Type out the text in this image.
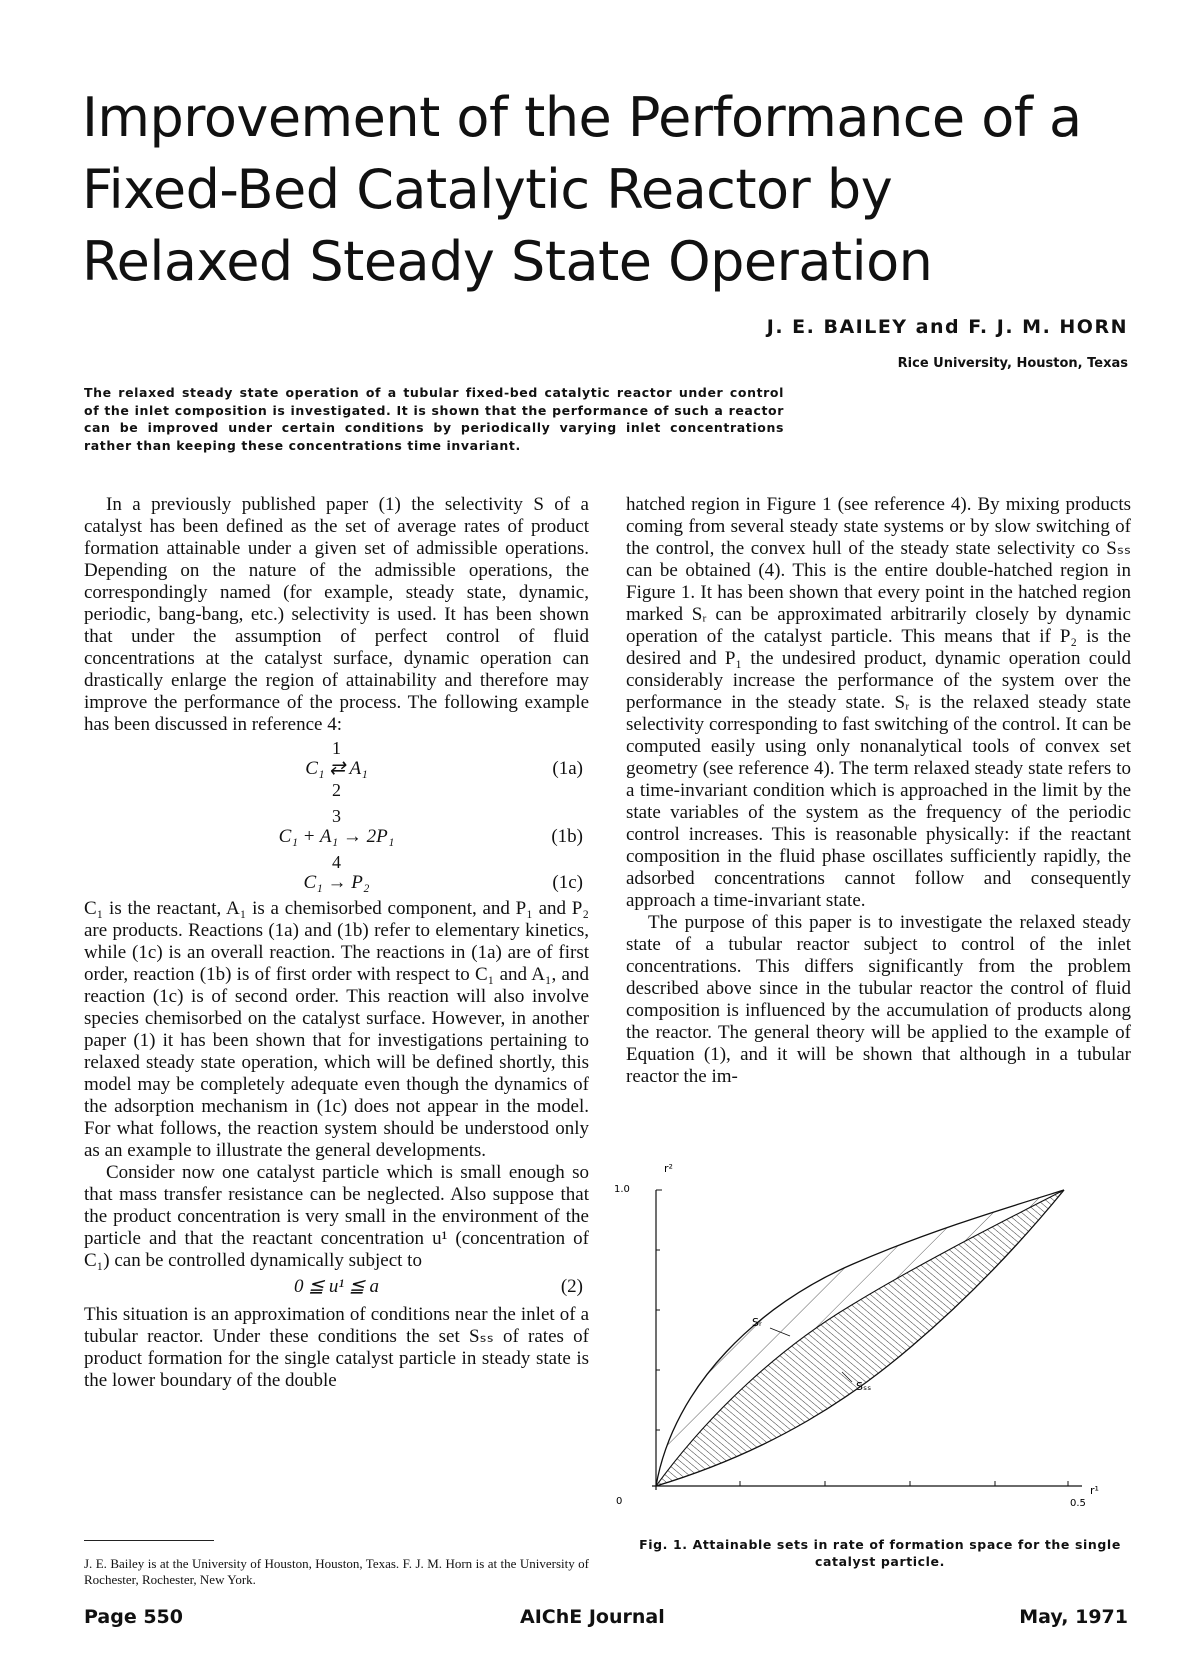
Improvement of the Performance of a
Fixed-Bed Catalytic Reactor by
Relaxed Steady State Operation
J. E. BAILEY and F. J. M. HORN
Rice University, Houston, Texas
The relaxed steady state operation of a tubular fixed-bed catalytic reactor under control of the inlet composition is investigated. It is shown that the performance of such a reactor can be improved under certain conditions by periodically varying inlet concentrations rather than keeping these concentrations time invariant.

In a previously published paper (1) the selectivity S of a catalyst has been defined as the set of average rates of product formation attainable under a given set of admissible operations. Depending on the nature of the admissible operations, the correspondingly named (for example, steady state, dynamic, periodic, bang-bang, etc.) selectivity is used. It has been shown that under the assumption of perfect control of fluid concentrations at the catalyst surface, dynamic operation can drastically enlarge the region of attainability and therefore may improve the performance of the process. The following example has been discussed in reference 4:

1
C₁ ⇄ A₁
2
(1a)
3
C₁ + A₁ → 2P₁	(1b)
4
C₁ → P₂	(1c)

C₁ is the reactant, A₁ is a chemisorbed component, and P₁ and P₂ are products. Reactions (1a) and (1b) refer to elementary kinetics, while (1c) is an overall reaction. The reactions in (1a) are of first order, reaction (1b) is of first order with respect to C₁ and A₁, and reaction (1c) is of second order. This reaction will also involve species chemisorbed on the catalyst surface. However, in another paper (1) it has been shown that for investigations pertaining to relaxed steady state operation, which will be defined shortly, this model may be completely adequate even though the dynamics of the adsorption mechanism in (1c) does not appear in the model. For what follows, the reaction system should be understood only as an example to illustrate the general developments.

Consider now one catalyst particle which is small enough so that mass transfer resistance can be neglected. Also suppose that the product concentration is very small in the environment of the particle and that the reactant concentration u¹ (concentration of C₁) can be controlled dynamically subject to

0 ≦ u¹ ≦ a	(2)

This situation is an approximation of conditions near the inlet of a tubular reactor. Under these conditions the set Sₛₛ of rates of product formation for the single catalyst particle in steady state is the lower boundary of the double

hatched region in Figure 1 (see reference 4). By mixing products coming from several steady state systems or by slow switching of the control, the convex hull of the steady state selectivity co Sₛₛ can be obtained (4). This is the entire double-hatched region in Figure 1. It has been shown that every point in the hatched region marked Sᵣ can be approximated arbitrarily closely by dynamic operation of the catalyst particle. This means that if P₂ is the desired and P₁ the undesired product, dynamic operation could considerably increase the performance of the system over the performance in the steady state. Sᵣ is the relaxed steady state selectivity corresponding to fast switching of the control. It can be computed easily using only nonanalytical tools of convex set geometry (see reference 4). The term relaxed steady state refers to a time-invariant condition which is approached in the limit by the state variables of the system as the frequency of the periodic control increases. This is reasonable physically: if the reactant composition in the fluid phase oscillates sufficiently rapidly, the adsorbed concentrations cannot follow and consequently approach a time-invariant state.

The purpose of this paper is to investigate the relaxed steady state of a tubular reactor subject to control of the inlet concentrations. This differs significantly from the problem described above since in the tubular reactor the control of fluid composition is influenced by the accumulation of products along the reactor. The general theory will be applied to the example of Equation (1), and it will be shown that although in a tubular reactor the im-

1.0
0.5
0
r²
r¹
Sᵣ
Sₛₛ
Fig. 1. Attainable sets in rate of formation space for the single catalyst particle.
J. E. Bailey is at the University of Houston, Houston, Texas. F. J. M. Horn is at the University of Rochester, Rochester, New York.
Page 550	AIChE Journal	May, 1971
